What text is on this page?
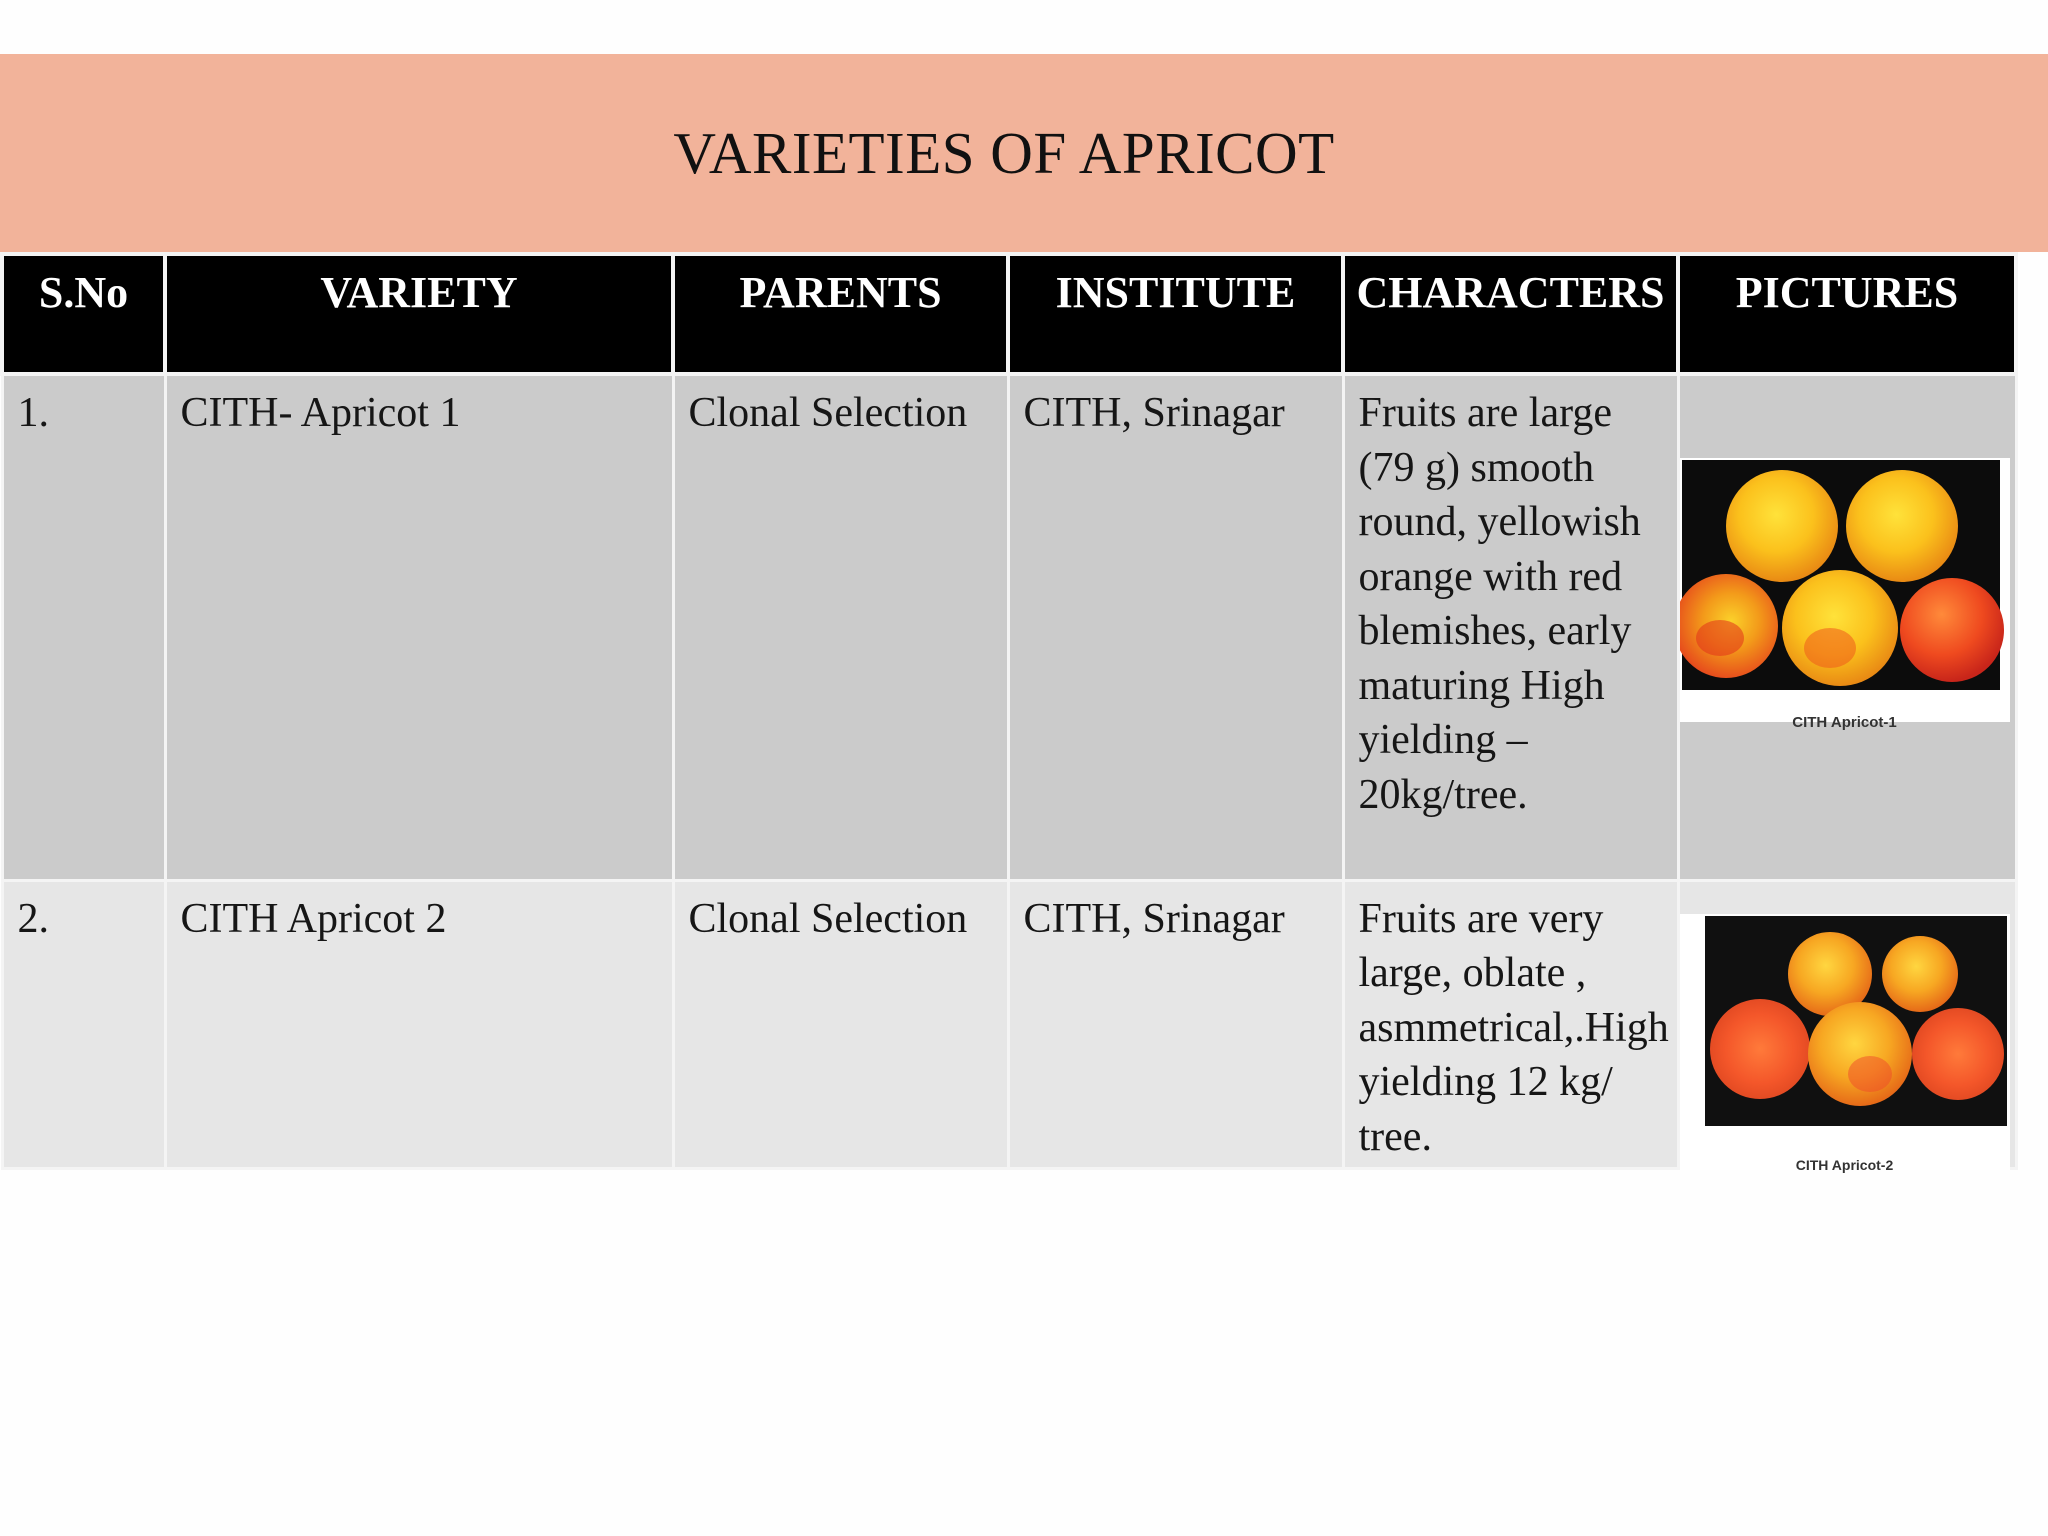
VARIETIES OF APRICOT
S.No	VARIETY	PARENTS	INSTITUTE	CHARACTERS	PICTURES
1.	CITH- Apricot 1	Clonal Selection	CITH, Srinagar	Fruits are large (79 g) smooth round, yellowish orange with red blemishes, early maturing High yielding – 20kg/tree.	CITH Apricot-1

2.	CITH Apricot 2	Clonal Selection	CITH, Srinagar	Fruits are very large, oblate , asmmetrical,.High yielding 12 kg/ tree.	CITH Apricot-2
